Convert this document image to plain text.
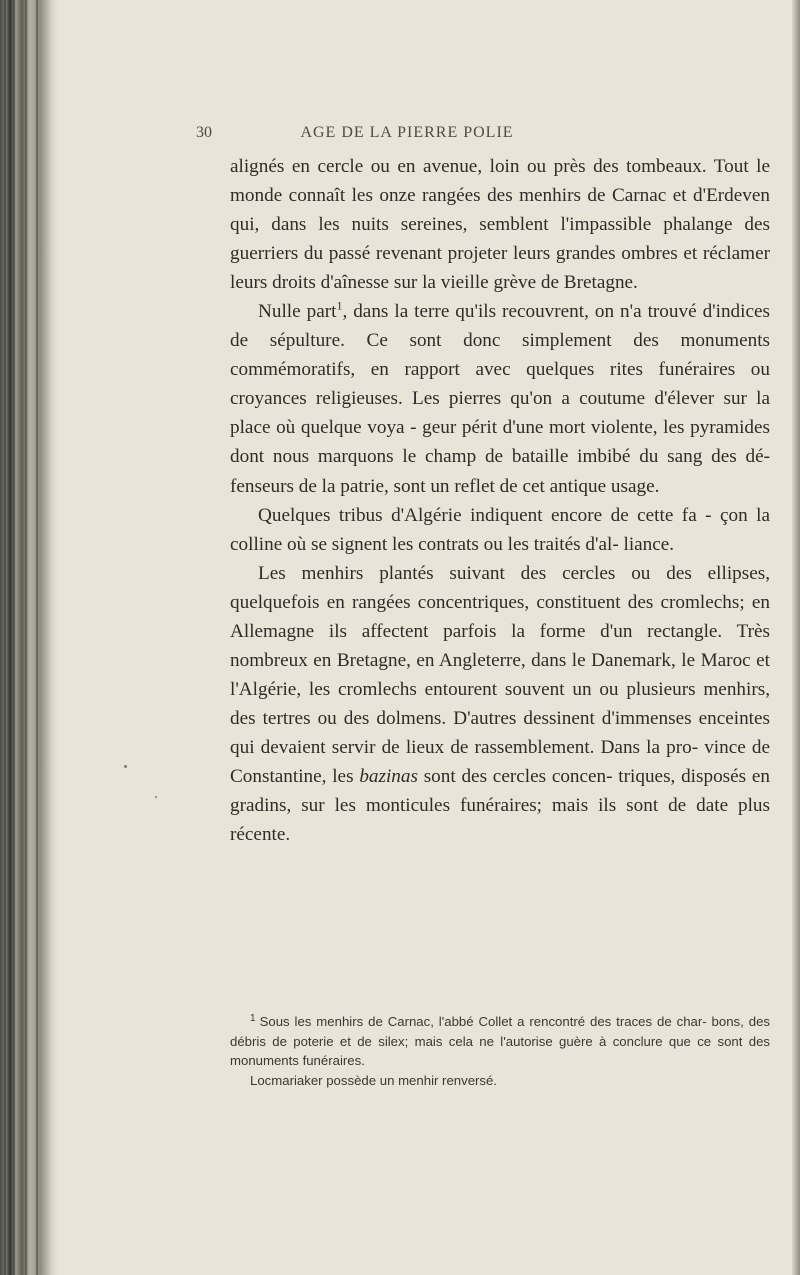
30	AGE DE LA PIERRE POLIE

alignés en cercle ou en avenue, loin ou près des tombeaux. Tout le monde connaît les onze rangées des menhirs de Carnac et d'Erdeven qui, dans les nuits sereines, semblent l'impassible phalange des guerriers du passé revenant projeter leurs grandes ombres et réclamer leurs droits d'aînesse sur la vieille grève de Bretagne.

Nulle part$^1$, dans la terre qu'ils recouvrent, on n'a trouvé d'indices de sépulture. Ce sont donc simplement des monuments commémoratifs, en rapport avec quelques rites funéraires ou croyances religieuses. Les pierres qu'on a coutume d'élever sur la place où quelque voya - geur périt d'une mort violente, les pyramides dont nous marquons le champ de bataille imbibé du sang des dé- fenseurs de la patrie, sont un reflet de cet antique usage.

Quelques tribus d'Algérie indiquent encore de cette fa - çon la colline où se signent les contrats ou les traités d'al- liance.

Les menhirs plantés suivant des cercles ou des ellipses, quelquefois en rangées concentriques, constituent des cromlechs; en Allemagne ils affectent parfois la forme d'un rectangle. Très nombreux en Bretagne, en Angleterre, dans le Danemark, le Maroc et l'Algérie, les cromlechs entourent souvent un ou plusieurs menhirs, des tertres ou des dolmens. D'autres dessinent d'immenses enceintes qui devaient servir de lieux de rassemblement. Dans la pro- vince de Constantine, les bazinas sont des cercles concen- triques, disposés en gradins, sur les monticules funéraires; mais ils sont de date plus récente.

$^1$ Sous les menhirs de Carnac, l'abbé Collet a rencontré des traces de char- bons, des débris de poterie et de silex; mais cela ne l'autorise guère à conclure que ce sont des monuments funéraires.

Locmariaker possède un menhir renversé.
